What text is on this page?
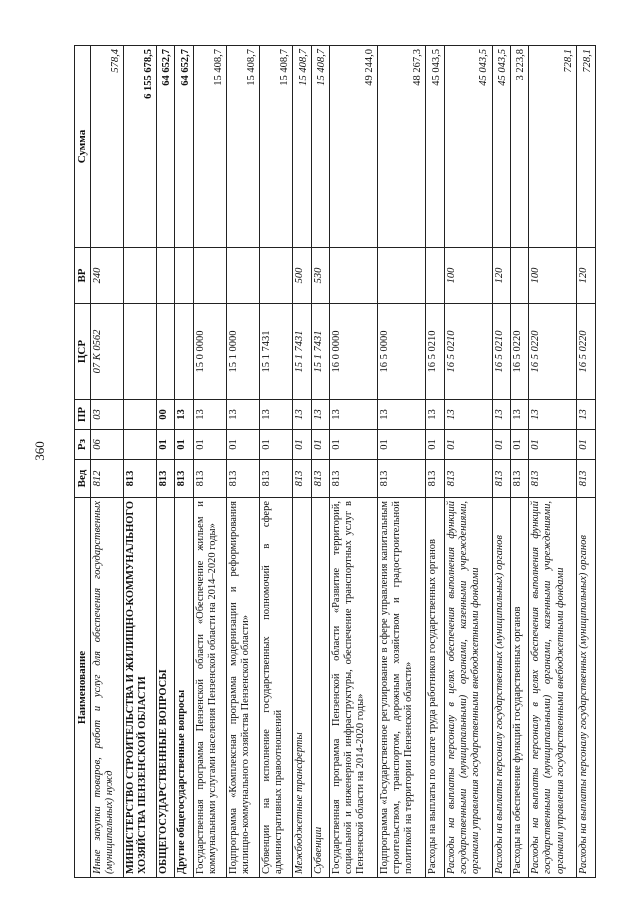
360
Наименование	Вед	Рз	ПР	ЦСР	ВР	Сумма
Иные закупки товаров, работ и услуг для обеспечения государственных (муниципальных) нужд	812	06	03	07 К 0562	240	578,4
МИНИСТЕРСТВО СТРОИТЕЛЬСТВА И ЖИЛИЩНО-КОММУНАЛЬНОГО ХОЗЯЙСТВА ПЕНЗЕНСКОЙ ОБЛАСТИ	813					6 155 678,5
ОБЩЕГОСУДАРСТВЕННЫЕ ВОПРОСЫ	813	01	00			64 652,7
Другие общегосударственные вопросы	813	01	13			64 652,7
Государственная программа Пензенской области «Обеспечение жильем и коммунальными услугами населения Пензенской области на 2014–2020 годы»	813	01	13	15 0 0000		15 408,7
Подпрограмма «Комплексная программа модернизации и реформирования жилищно-коммунального хозяйства Пензенской области»	813	01	13	15 1 0000		15 408,7
Субвенции на исполнение государственных полномочий в сфере административных правоотношений	813	01	13	15 1 7431		15 408,7
Межбюджетные трансферты	813	01	13	15 1 7431	500	15 408,7
Субвенции	813	01	13	15 1 7431	530	15 408,7
Государственная программа Пензенской области «Развитие территорий, социальной и инженерной инфраструктуры, обеспечение транспортных услуг в Пензенской области на 2014-2020 годы»	813	01	13	16 0 0000		49 244,0
Подпрограмма «Государственное регулирование в сфере управления капитальным строительством, транспортом, дорожным хозяйством и градостроительной политикой на территории Пензенской области»	813	01	13	16 5 0000		48 267,3
Расходы на выплаты по оплате труда работников государственных органов	813	01	13	16 5 0210		45 043,5
Расходы на выплаты персоналу в целях обеспечения выполнения функций государственными (муниципальными) органами, казенными учреждениями, органами управления государственными внебюджетными фондами	813	01	13	16 5 0210	100	45 043,5
Расходы на выплаты персоналу государственных (муниципальных) органов	813	01	13	16 5 0210	120	45 043,5
Расходы на обеспечение функций государственных органов	813	01	13	16 5 0220		3 223,8
Расходы на выплаты персоналу в целях обеспечения выполнения функций государственными (муниципальными) органами, казенными учреждениями, органами управления государственными внебюджетными фондами	813	01	13	16 5 0220	100	728,1
Расходы на выплаты персоналу государственных (муниципальных) органов	813	01	13	16 5 0220	120	728,1
